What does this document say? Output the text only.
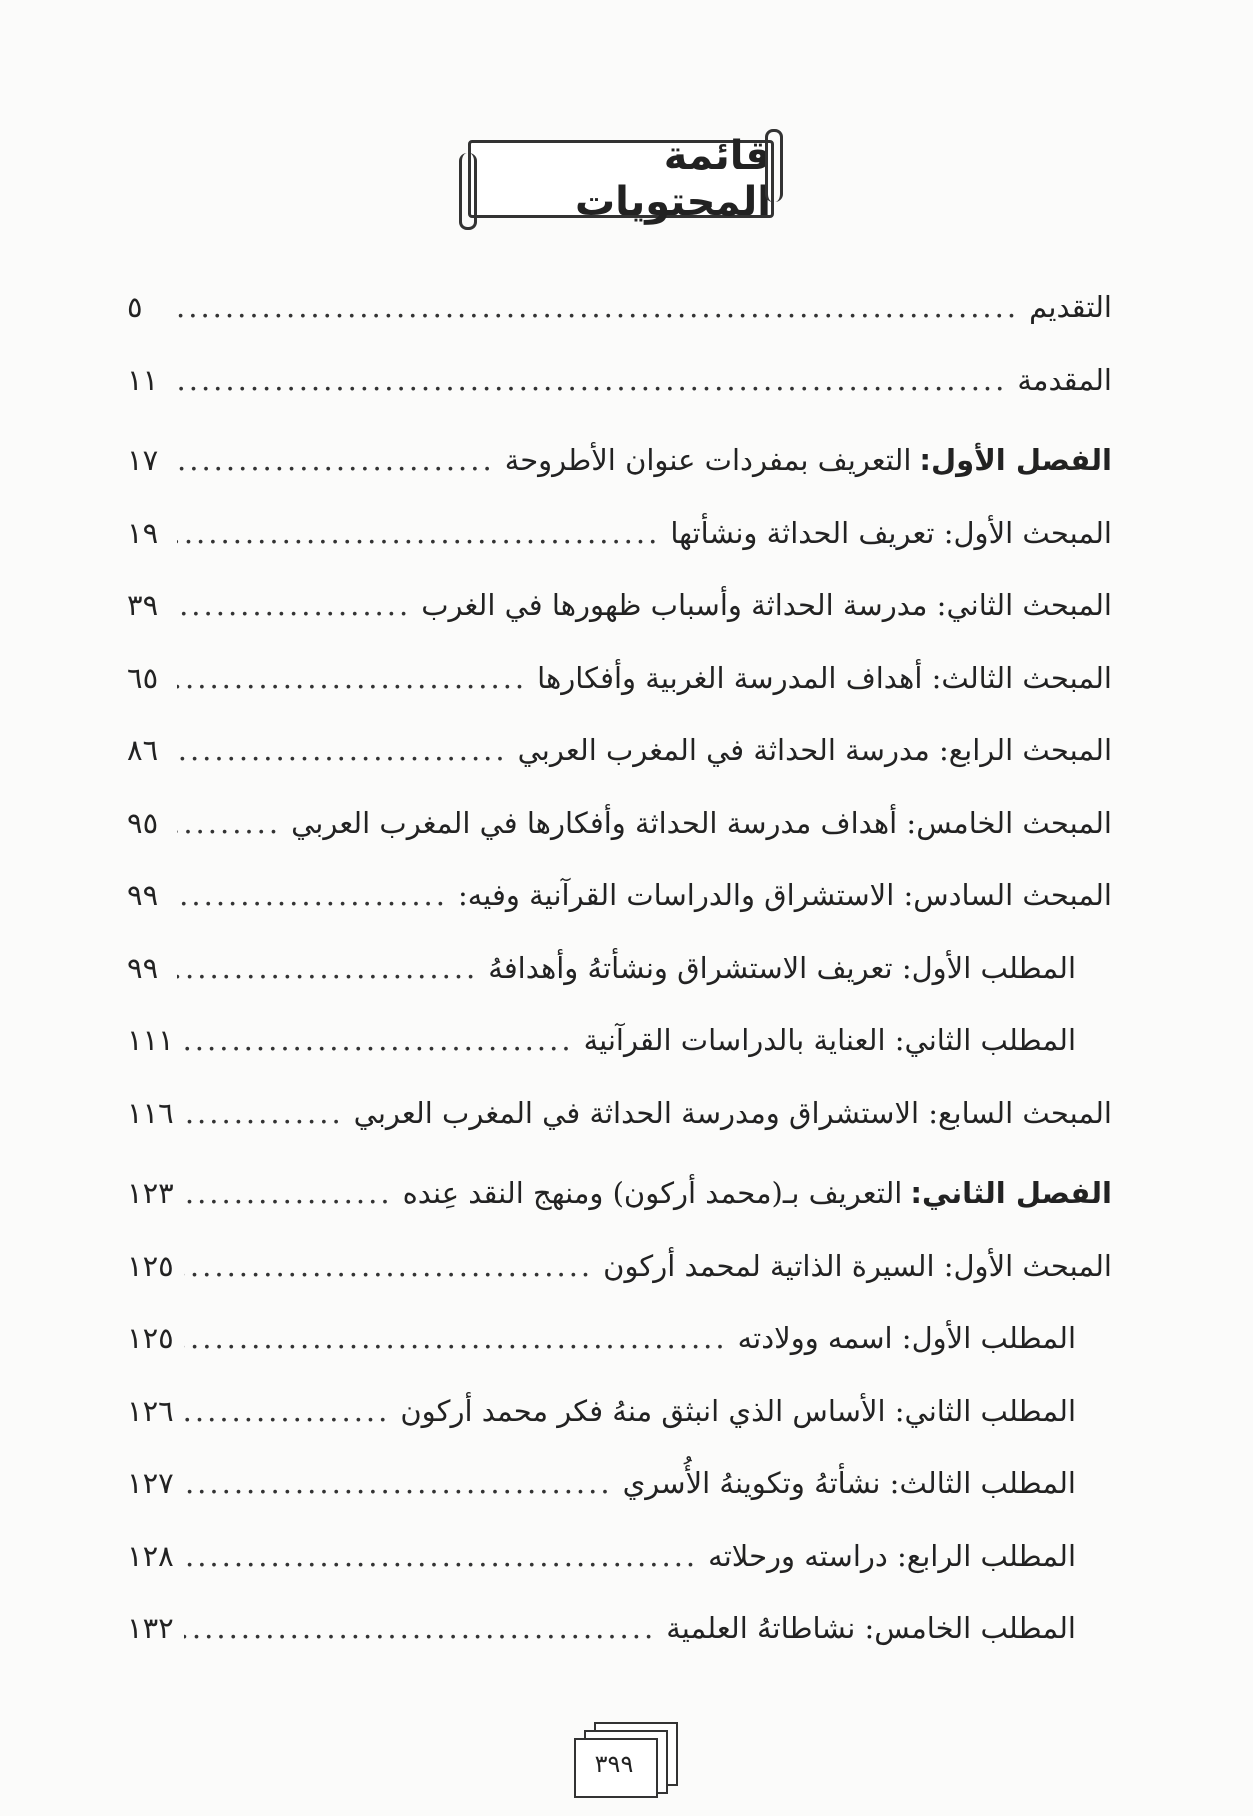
قائمة المحتويات
التقديم
.....
٥
المقدمة
.....
١١
الفصل الأول:
التعريف بمفردات عنوان الأطروحة
.....
١٧
المبحث الأول: تعريف الحداثة ونشأتها
.....
١٩
المبحث الثاني: مدرسة الحداثة وأسباب ظهورها في الغرب
.....
٣٩
المبحث الثالث: أهداف المدرسة الغربية وأفكارها
.....
٦٥
المبحث الرابع: مدرسة الحداثة في المغرب العربي
.....
٨٦
المبحث الخامس: أهداف مدرسة الحداثة وأفكارها في المغرب العربي
.....
٩٥
المبحث السادس: الاستشراق والدراسات القرآنية وفيه:
.....
٩٩
المطلب الأول: تعريف الاستشراق ونشأتهُ وأهدافهُ
.....
٩٩
المطلب الثاني: العناية بالدراسات القرآنية
.....
١١١
المبحث السابع: الاستشراق ومدرسة الحداثة في المغرب العربي
.....
١١٦
الفصل الثاني:
التعريف بـ(محمد أركون) ومنهج النقد عِنده
.....
١٢٣
المبحث الأول: السيرة الذاتية لمحمد أركون
.....
١٢٥
المطلب الأول: اسمه وولادته
.....
١٢٥
المطلب الثاني: الأساس الذي انبثق منهُ فكر محمد أركون
.....
١٢٦
المطلب الثالث: نشأتهُ وتكوينهُ الأُسري
.....
١٢٧
المطلب الرابع: دراسته ورحلاته
.....
١٢٨
المطلب الخامس: نشاطاتهُ العلمية
.....
١٣٢
٣٩٩
